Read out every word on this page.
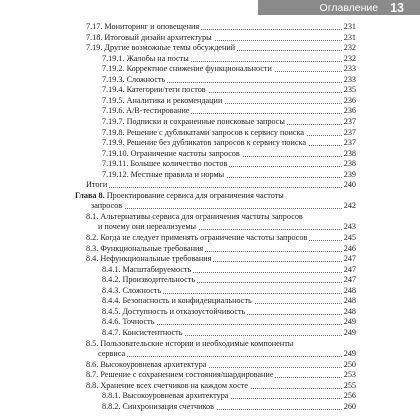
Оглавление 13
7.17. Мониторинг и оповещения	231
7.18. Итоговый дизайн архитектуры	231
7.19. Другие возможные темы обсуждений	232
7.19.1. Жалобы на посты	232
7.19.2. Корректное снижение функциональности	233
7.19.3. Сложность	233
7.19.4. Категории/теги постов	235
7.19.5. Аналитика и рекомендации	236
7.19.6. A/B-тестирование	236
7.19.7. Подписки и сохраненные поисковые запросы	237
7.19.8. Решение с дубликатами запросов к сервису поиска	237
7.19.9. Решение без дубликатов запросов к сервису поиска	237
7.19.10. Ограничение частоты запросов	238
7.19.11. Большее количество постов	238
7.19.12. Местные правила и нормы	239
Итоги	240
Глава 8. Проектирование сервиса для ограничения частоты
запросов	242
8.1. Альтернативы сервиса для ограничения частоты запросов
и почему они нереализуемы	243
8.2. Когда не следует применять ограничение частоты запросов	245
8.3. Функциональные требования	246
8.4. Нефункциональные требования	247
8.4.1. Масштабируемость	247
8.4.2. Производительность	247
8.4.3. Сложность	248
8.4.4. Безопасность и конфиденциальность	248
8.4.5. Доступность и отказоустойчивость	248
8.4.6. Точность	249
8.4.7. Консистентность	249
8.5. Пользовательские истории и необходимые компоненты
сервиса	249
8.6. Высокоуровневая архитектура	250
8.7. Решение с сохранением состояния/шардирование	253
8.8. Хранение всех счетчиков на каждом хосте	255
8.8.1. Высокоуровневая архитектура	256
8.8.2. Синхронизация счетчиков	260
